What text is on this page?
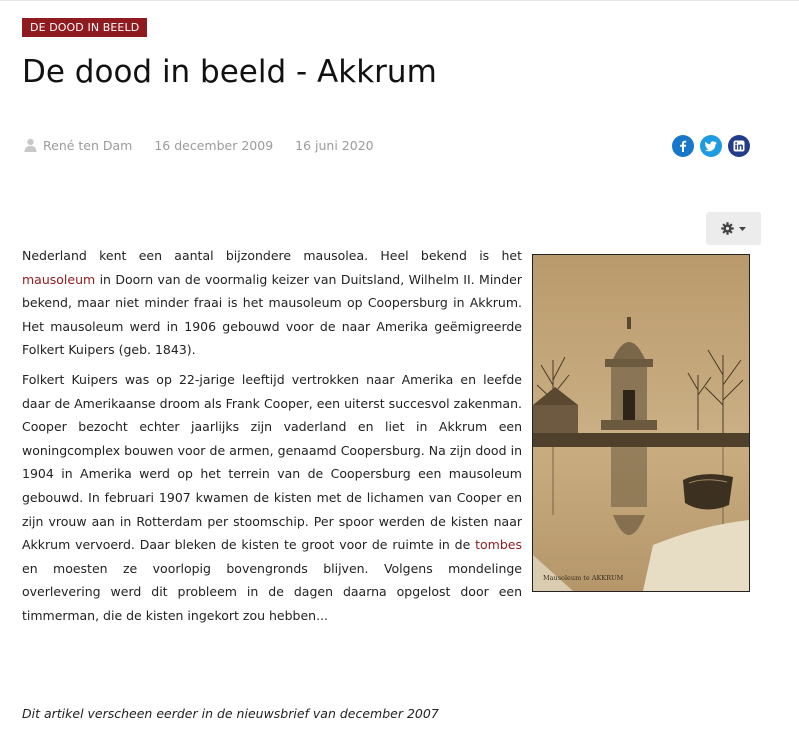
DE DOOD IN BEELD
De dood in beeld - Akkrum
René ten Dam 16 december 2009 16 juni 2020

Nederland kent een aantal bijzondere mausolea. Heel bekend is het mausoleum in Doorn van de voormalig keizer van Duitsland, Wilhelm II. Minder bekend, maar niet minder fraai is het mausoleum op Coopersburg in Akkrum. Het mausoleum werd in 1906 gebouwd voor de naar Amerika geëmigreerde Folkert Kuipers (geb. 1843).

Folkert Kuipers was op 22-jarige leeftijd vertrokken naar Amerika en leefde daar de Amerikaanse droom als Frank Cooper, een uiterst succesvol zakenman. Cooper bezocht echter jaarlijks zijn vaderland en liet in Akkrum een woningcomplex bouwen voor de armen, genaamd Coopersburg. Na zijn dood in 1904 in Amerika werd op het terrein van de Coopersburg een mausoleum gebouwd. In februari 1907 kwamen de kisten met de lichamen van Cooper en zijn vrouw aan in Rotterdam per stoomschip. Per spoor werden de kisten naar Akkrum vervoerd. Daar bleken de kisten te groot voor de ruimte in de tombes en moesten ze voorlopig bovengronds blijven. Volgens mondelinge overlevering werd dit probleem in de dagen daarna opgelost door een timmerman, die de kisten ingekort zou hebben...

Mausoleum te AKKRUM
Dit artikel verscheen eerder in de nieuwsbrief van december 2007
